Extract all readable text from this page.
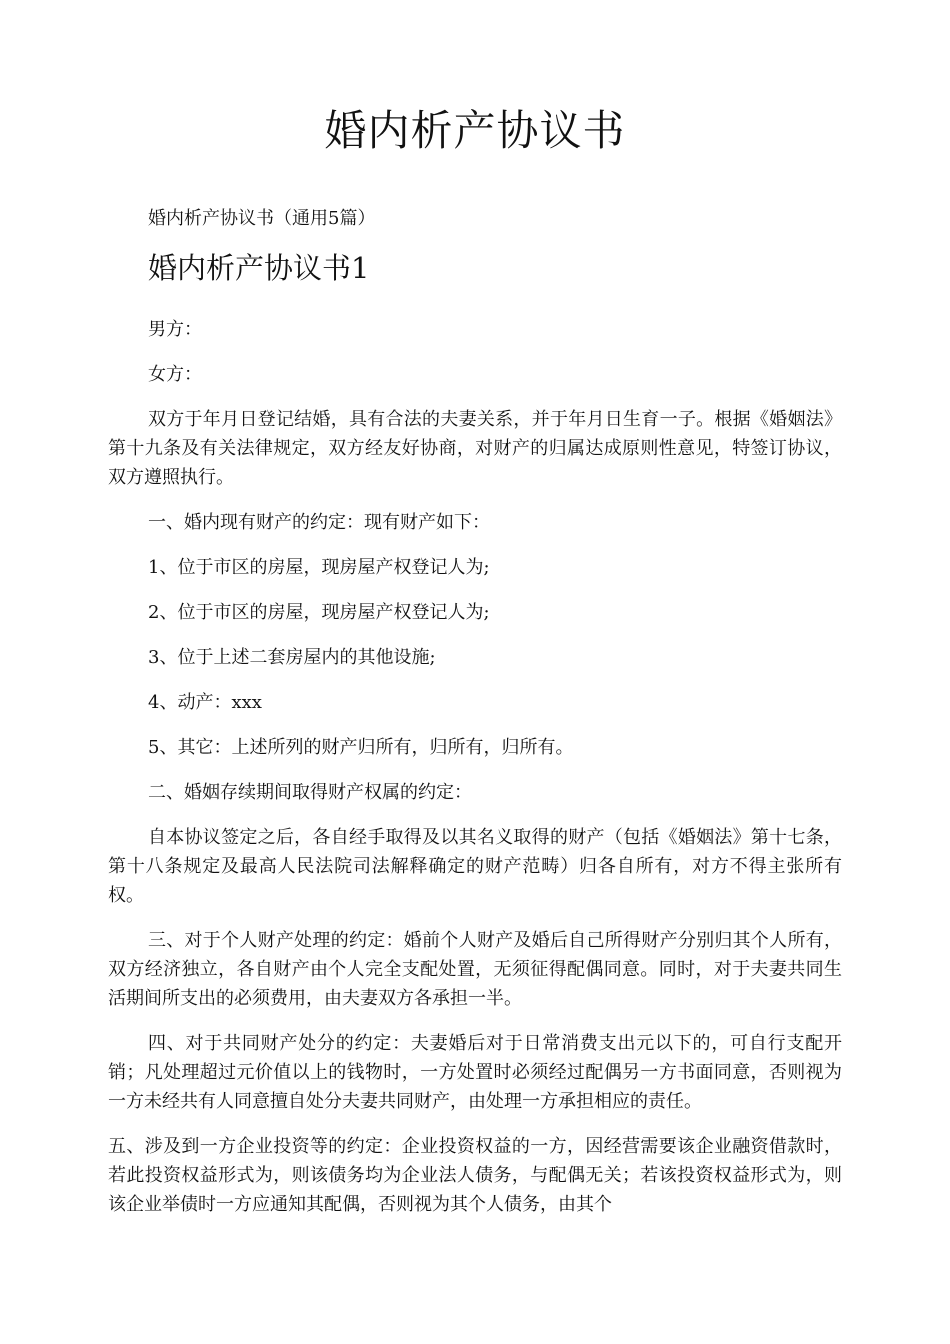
婚内析产协议书
婚内析产协议书（通用5篇）
婚内析产协议书1

男方：

女方：

双方于年月日登记结婚，具有合法的夫妻关系，并于年月日生育一子。根据《婚姻法》第十九条及有关法律规定，双方经友好协商，对财产的归属达成原则性意见，特签订协议，双方遵照执行。

一、婚内现有财产的约定：现有财产如下：

1、位于市区的房屋，现房屋产权登记人为;

2、位于市区的房屋，现房屋产权登记人为;

3、位于上述二套房屋内的其他设施;

4、动产：xxx

5、其它：上述所列的财产归所有，归所有，归所有。

二、婚姻存续期间取得财产权属的约定：

自本协议签定之后，各自经手取得及以其名义取得的财产（包括《婚姻法》第十七条，第十八条规定及最高人民法院司法解释确定的财产范畴）归各自所有，对方不得主张所有权。

三、对于个人财产处理的约定：婚前个人财产及婚后自己所得财产分别归其个人所有，双方经济独立，各自财产由个人完全支配处置，无须征得配偶同意。同时，对于夫妻共同生活期间所支出的必须费用，由夫妻双方各承担一半。

四、对于共同财产处分的约定：夫妻婚后对于日常消费支出元以下的，可自行支配开销；凡处理超过元价值以上的钱物时，一方处置时必须经过配偶另一方书面同意，否则视为一方未经共有人同意擅自处分夫妻共同财产，由处理一方承担相应的责任。

五、涉及到一方企业投资等的约定：企业投资权益的一方，因经营需要该企业融资借款时，若此投资权益形式为，则该债务均为企业法人债务，与配偶无关；若该投资权益形式为，则该企业举债时一方应通知其配偶，否则视为其个人债务，由其个
